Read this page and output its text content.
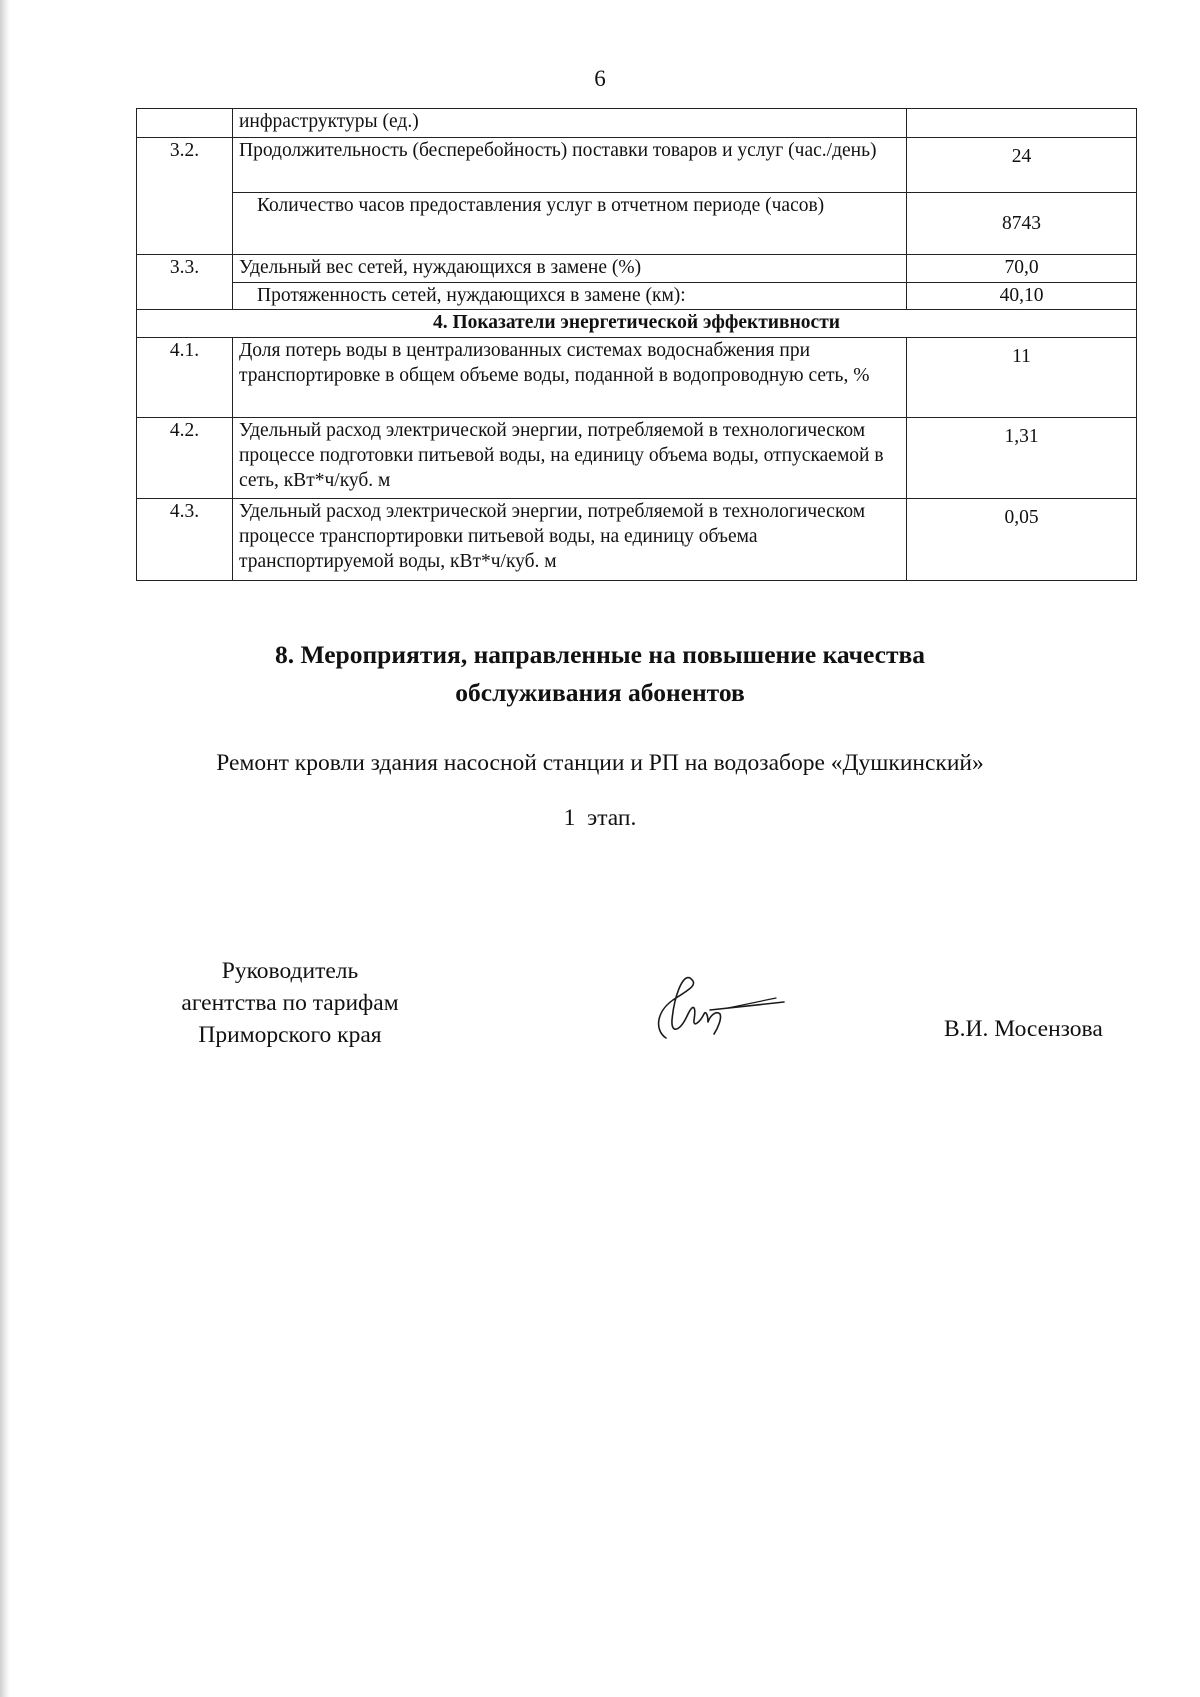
6
	инфраструктуры (ед.)	
3.2.	Продолжительность (бесперебойность) поставки товаров и услуг (час./день)	24
	Количество часов предоставления услуг в отчетном периоде (часов)	8743
3.3.	Удельный вес сетей, нуждающихся в замене (%)	70,0
	Протяженность сетей, нуждающихся в замене (км):	40,10
4. Показатели энергетической эффективности		
4.1.	Доля потерь воды в централизованных системах водоснабжения при транспортировке в общем объеме воды, поданной в водопроводную сеть, %	11
4.2.	Удельный расход электрической энергии, потребляемой в технологическом процессе подготовки питьевой воды, на единицу объема воды, отпускаемой в сеть, кВт*ч/куб. м	1,31
4.3.	Удельный расход электрической энергии, потребляемой в технологическом процессе транспортировки питьевой воды, на единицу объема транспортируемой воды, кВт*ч/куб. м	0,05
8. Мероприятия, направленные на повышение качества
обслуживания абонентов
Ремонт кровли здания насосной станции и РП на водозаборе «Душкинский»
1  этап.
Руководитель
агентства по тарифам
Приморского края	В.И. Мосензова
